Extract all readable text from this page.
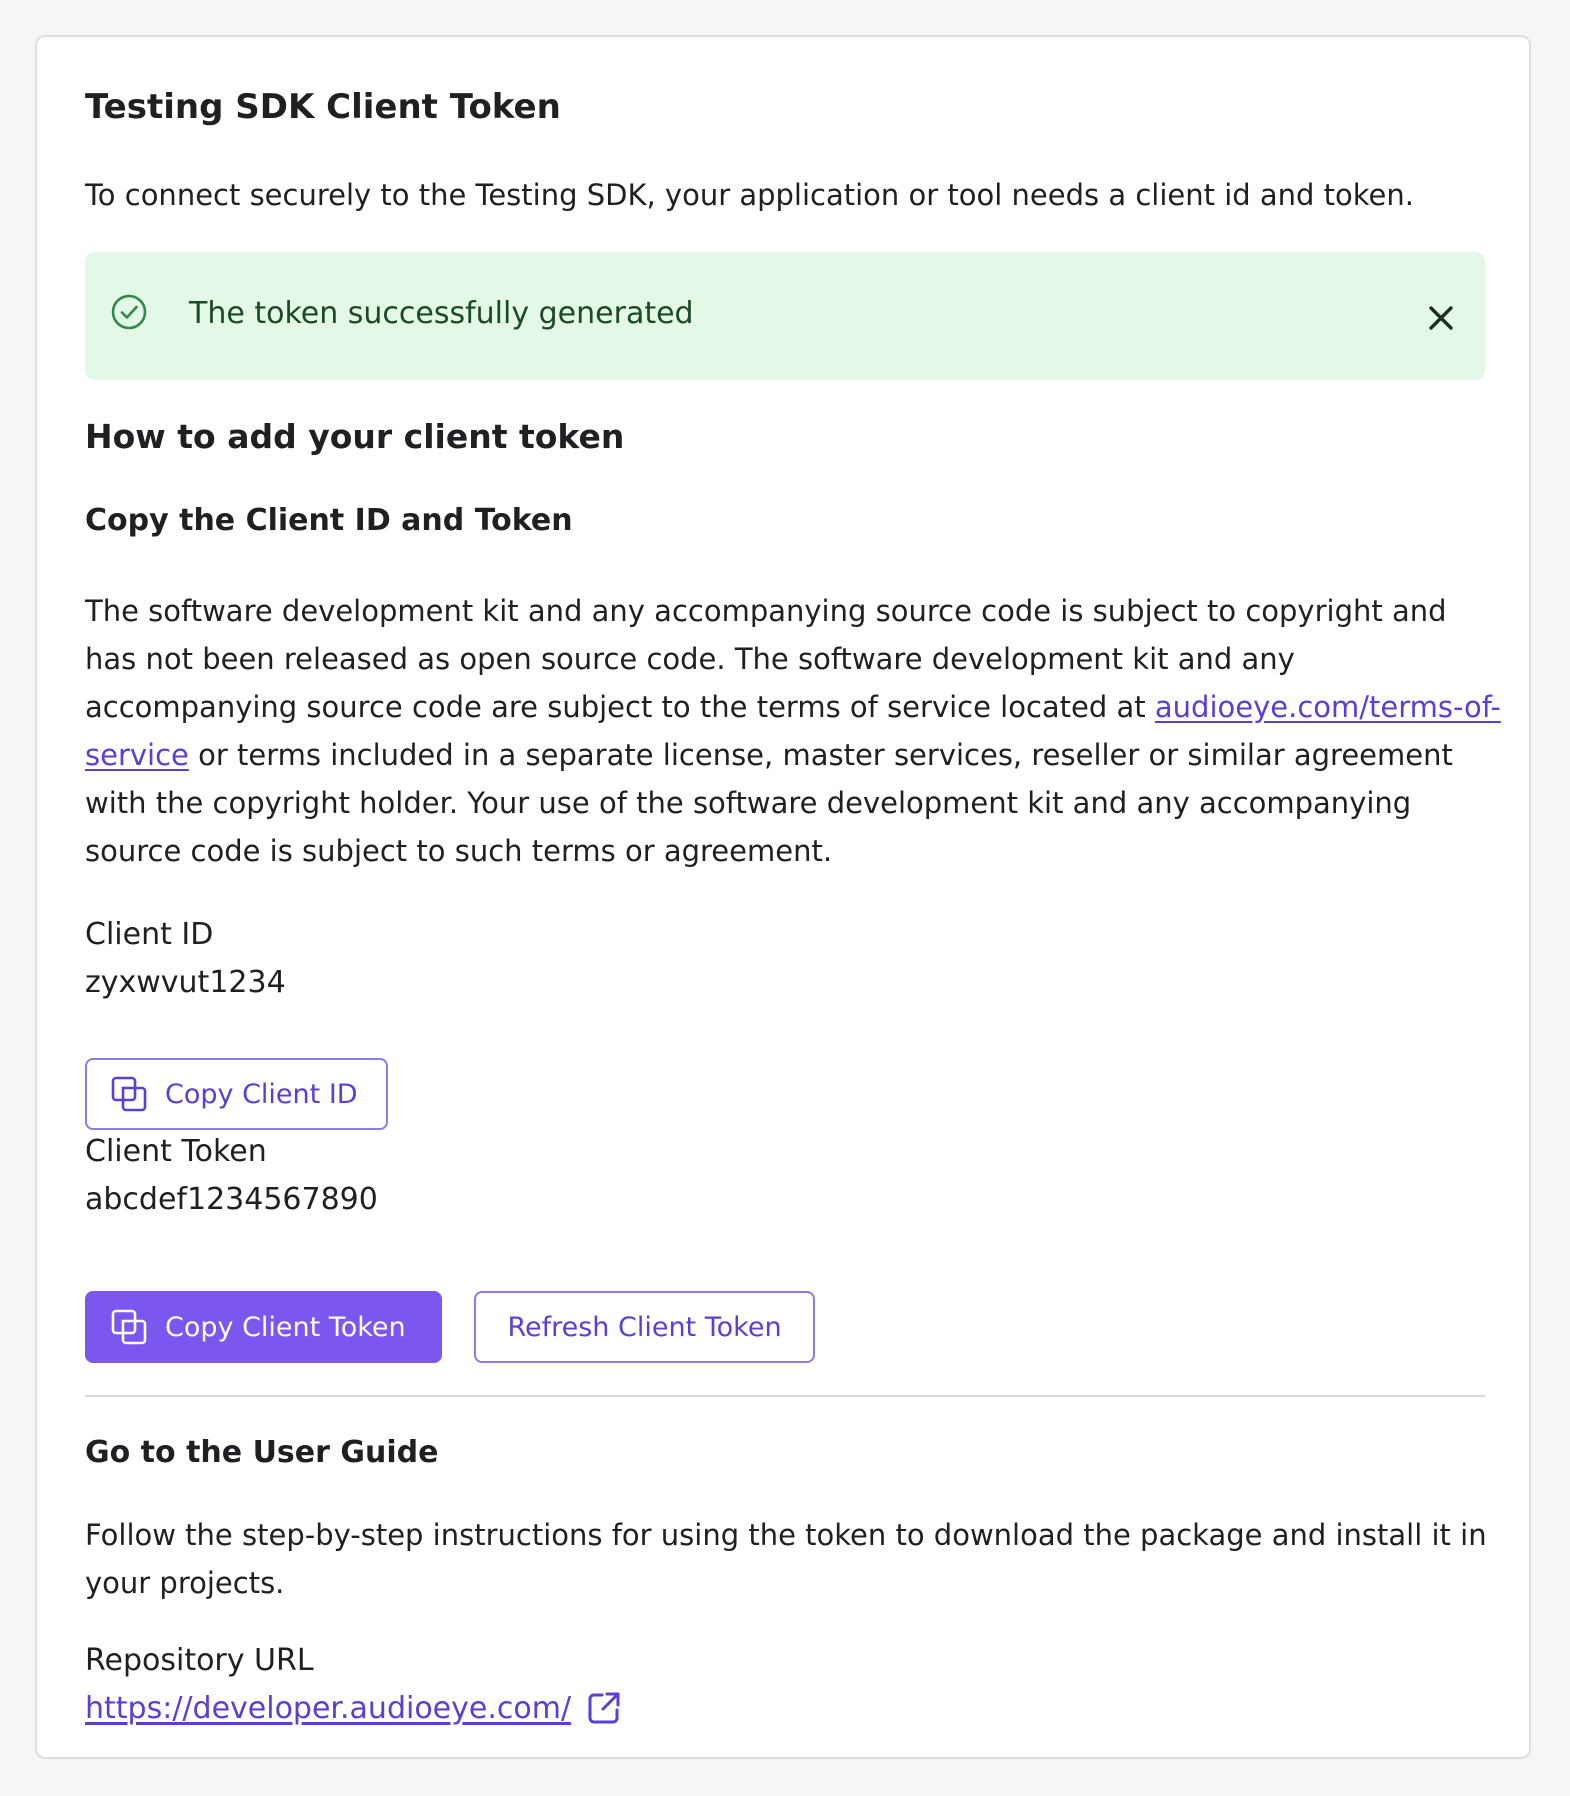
Testing SDK Client Token

To connect securely to the Testing SDK, your application or tool needs a client id and token.

The token successfully generated
How to add your client token
Copy the Client ID and Token

The software development kit and any accompanying source code is subject to copyright and has not been released as open source code. The software development kit and any accompanying source code are subject to the terms of service located at audioeye.com/terms-of-service or terms included in a separate license, master services, reseller or similar agreement with the copyright holder. Your use of the software development kit and any accompanying source code is subject to such terms or agreement.

Client ID
zyxwvut1234
Copy Client ID
Client Token
abcdef1234567890
Copy Client Token	Refresh Client Token
Go to the User Guide

Follow the step-by-step instructions for using the token to download the package and install it in your projects.

Repository URL
https://developer.audioeye.com/
